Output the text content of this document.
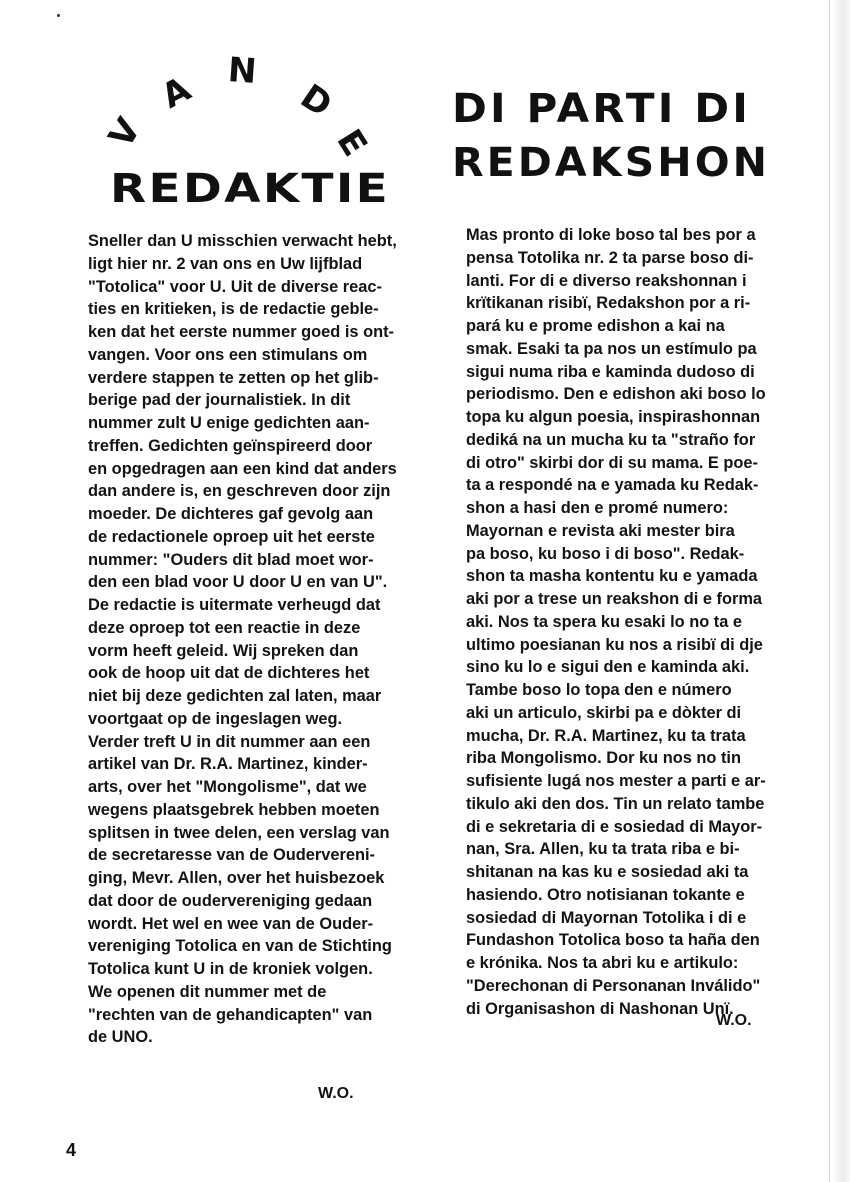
V
A N
D
E
REDAKTIE
DI PARTI DI
REDAKSHON
Sneller dan U misschien verwacht hebt,
ligt hier nr. 2 van ons en Uw lijfblad
"Totolica" voor U. Uit de diverse reac-
ties en kritieken, is de redactie geble-
ken dat het eerste nummer goed is ont-
vangen. Voor ons een stimulans om
verdere stappen te zetten op het glib-
berige pad der journalistiek. In dit
nummer zult U enige gedichten aan-
treffen. Gedichten geïnspireerd door
en opgedragen aan een kind dat anders
dan andere is, en geschreven door zijn
moeder. De dichteres gaf gevolg aan
de redactionele oproep uit het eerste
nummer: "Ouders dit blad moet wor-
den een blad voor U door U en van U".
De redactie is uitermate verheugd dat
deze oproep tot een reactie in deze
vorm heeft geleid. Wij spreken dan
ook de hoop uit dat de dichteres het
niet bij deze gedichten zal laten, maar
voortgaat op de ingeslagen weg.
Verder treft U in dit nummer aan een
artikel van Dr. R.A. Martinez, kinder-
arts, over het "Mongolisme", dat we
wegens plaatsgebrek hebben moeten
splitsen in twee delen, een verslag van
de secretaresse van de Oudervereni-
ging, Mevr. Allen, over het huisbezoek
dat door de oudervereniging gedaan
wordt. Het wel en wee van de Ouder-
vereniging Totolica en van de Stichting
Totolica kunt U in de kroniek volgen.
We openen dit nummer met de
"rechten van de gehandicapten" van
de UNO.
W.O.
Mas pronto di loke boso tal bes por a
pensa Totolika nr. 2 ta parse boso di-
lanti. For di e diverso reakshonnan i
krïtikanan risibï, Redakshon por a ri-
pará ku e prome edishon a kai na
smak. Esaki ta pa nos un estímulo pa
sigui numa riba e kaminda dudoso di
periodismo. Den e edishon aki boso lo
topa ku algun poesia, inspirashonnan
dediká na un mucha ku ta "straño for
di otro" skirbi dor di su mama. E poe-
ta a respondé na e yamada ku Redak-
shon a hasi den e promé numero:
Mayornan e revista aki mester bira
pa boso, ku boso i di boso". Redak-
shon ta masha kontentu ku e yamada
aki por a trese un reakshon di e forma
aki. Nos ta spera ku esaki lo no ta e
ultimo poesianan ku nos a risibï di dje
sino ku lo e sigui den e kaminda aki.
Tambe boso lo topa den e número
aki un articulo, skirbi pa e dòkter di
mucha, Dr. R.A. Martinez, ku ta trata
riba Mongolismo. Dor ku nos no tin
sufisiente lugá nos mester a parti e ar-
tikulo aki den dos. Tin un relato tambe
di e sekretaria di e sosiedad di Mayor-
nan, Sra. Allen, ku ta trata riba e bi-
shitanan na kas ku e sosiedad aki ta
hasiendo. Otro notisianan tokante e
sosiedad di Mayornan Totolika i di e
Fundashon Totolica boso ta haña den
e krónika. Nos ta abri ku e artikulo:
"Derechonan di Personanan Inválido"
di Organisashon di Nashonan Unï.
W.O.
4
